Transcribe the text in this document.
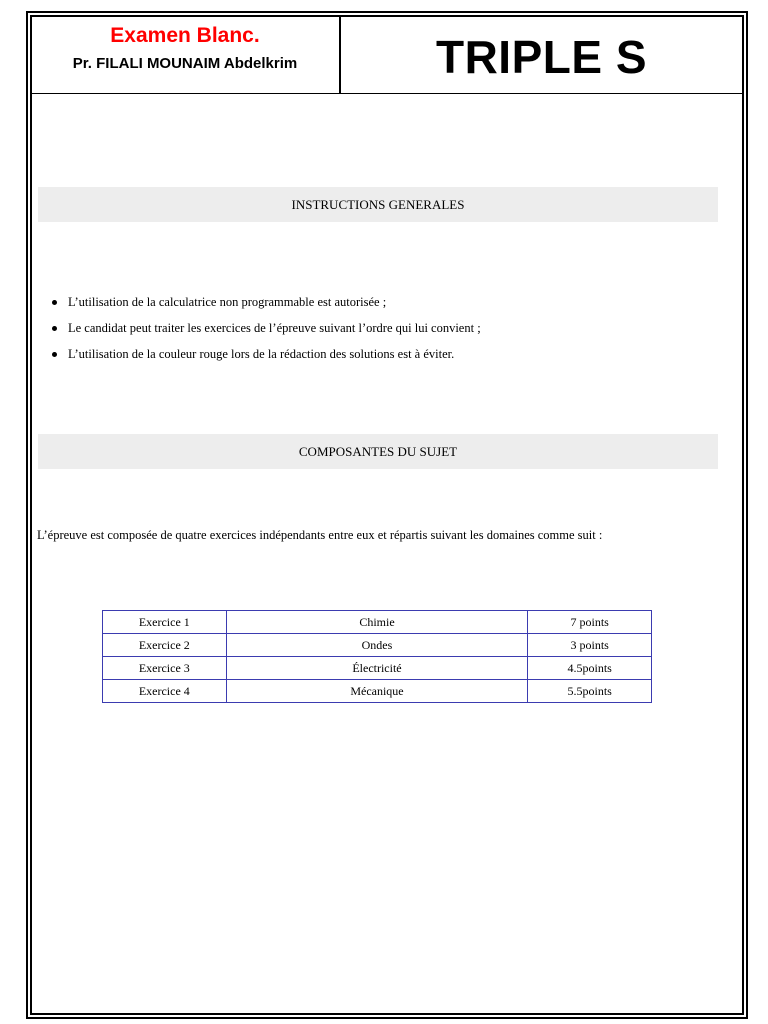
Examen Blanc.
Pr. FILALI MOUNAIM Abdelkrim	TRIPLE S
INSTRUCTIONS GENERALES
L’utilisation de la calculatrice non programmable est autorisée ;
Le candidat peut traiter les exercices de l’épreuve suivant l’ordre qui lui convient ;
L’utilisation de la couleur rouge lors de la rédaction des solutions est à éviter.
COMPOSANTES DU SUJET
L’épreuve est composée de quatre exercices indépendants entre eux et répartis suivant les domaines comme suit :
Exercice 1	Chimie	7 points
Exercice 2	Ondes	3 points
Exercice 3	Électricité	4.5points
Exercice 4	Mécanique	5.5points
